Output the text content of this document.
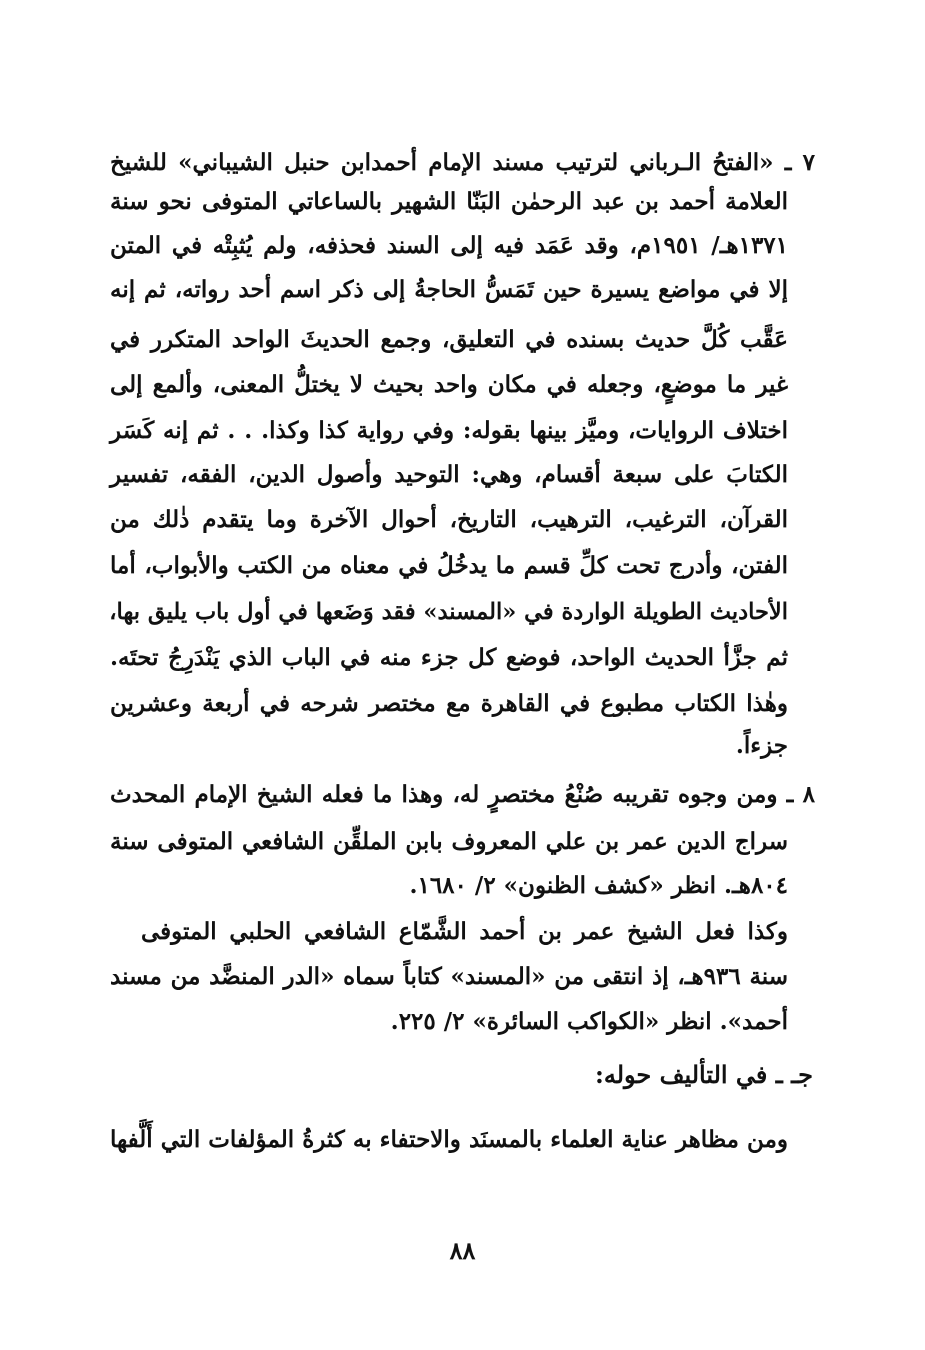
٧ ـ «الفتحُ الـرباني لترتيب مسند الإمام أحمدابن حنبل الشيباني» للشيخ
العلامة أحمد بن عبد الرحمٰن البَنّا الشهير بالساعاتي المتوفى نحو سنة
١٣٧١هـ/ ١٩٥١م، وقد عَمَد فيه إلى السند فحذفه، ولم يُثبِتْه في المتن
إلا في مواضع يسيرة حين تَمَسُّ الحاجةُ إلى ذكر اسم أحد رواته، ثم إنه
عَقَّب كُلَّ حديث بسنده في التعليق، وجمع الحديثَ الواحد المتكرر في
غير ما موضعٍ، وجعله في مكان واحد بحيث لا يختلُّ المعنى، وألمع إلى
اختلاف الروايات، وميَّز بينها بقوله: وفي رواية كذا وكذا. . . ثم إنه كَسَر
الكتابَ على سبعة أقسام، وهي: التوحيد وأصول الدين، الفقه، تفسير
القرآن، الترغيب، الترهيب، التاريخ، أحوال الآخرة وما يتقدم ذٰلك من
الفتن، وأدرج تحت كلِّ قسم ما يدخُلُ في معناه من الكتب والأبواب، أما
الأحاديث الطويلة الواردة في «المسند» فقد وَضَعها في أول باب يليق بها،
ثم جزَّأ الحديث الواحد، فوضع كل جزء منه في الباب الذي يَنْدَرِجُ تحتَه.
وهٰذا الكتاب مطبوع في القاهرة مع مختصر شرحه في أربعة وعشرين
جزءاً.
٨ ـ ومن وجوه تقريبه صُنْعُ مختصرٍ له، وهذا ما فعله الشيخ الإمام المحدث
سراج الدين عمر بن علي المعروف بابن الملقِّن الشافعي المتوفى سنة
٨٠٤هـ. انظر «كشف الظنون» ٢/ ١٦٨٠.
وكذا فعل الشيخ عمر بن أحمد الشَّمّاع الشافعي الحلبي المتوفى
سنة ٩٣٦هـ، إذ انتقى من «المسند» كتاباً سماه «الدر المنضَّد من مسند
أحمد». انظر «الكواكب السائرة» ٢/ ٢٢٥.
جـ ـ في التأليف حوله:
ومن مظاهر عناية العلماء بالمسنَد والاحتفاء به كثرةُ المؤلفات التي أَلَّفها
٨٨
